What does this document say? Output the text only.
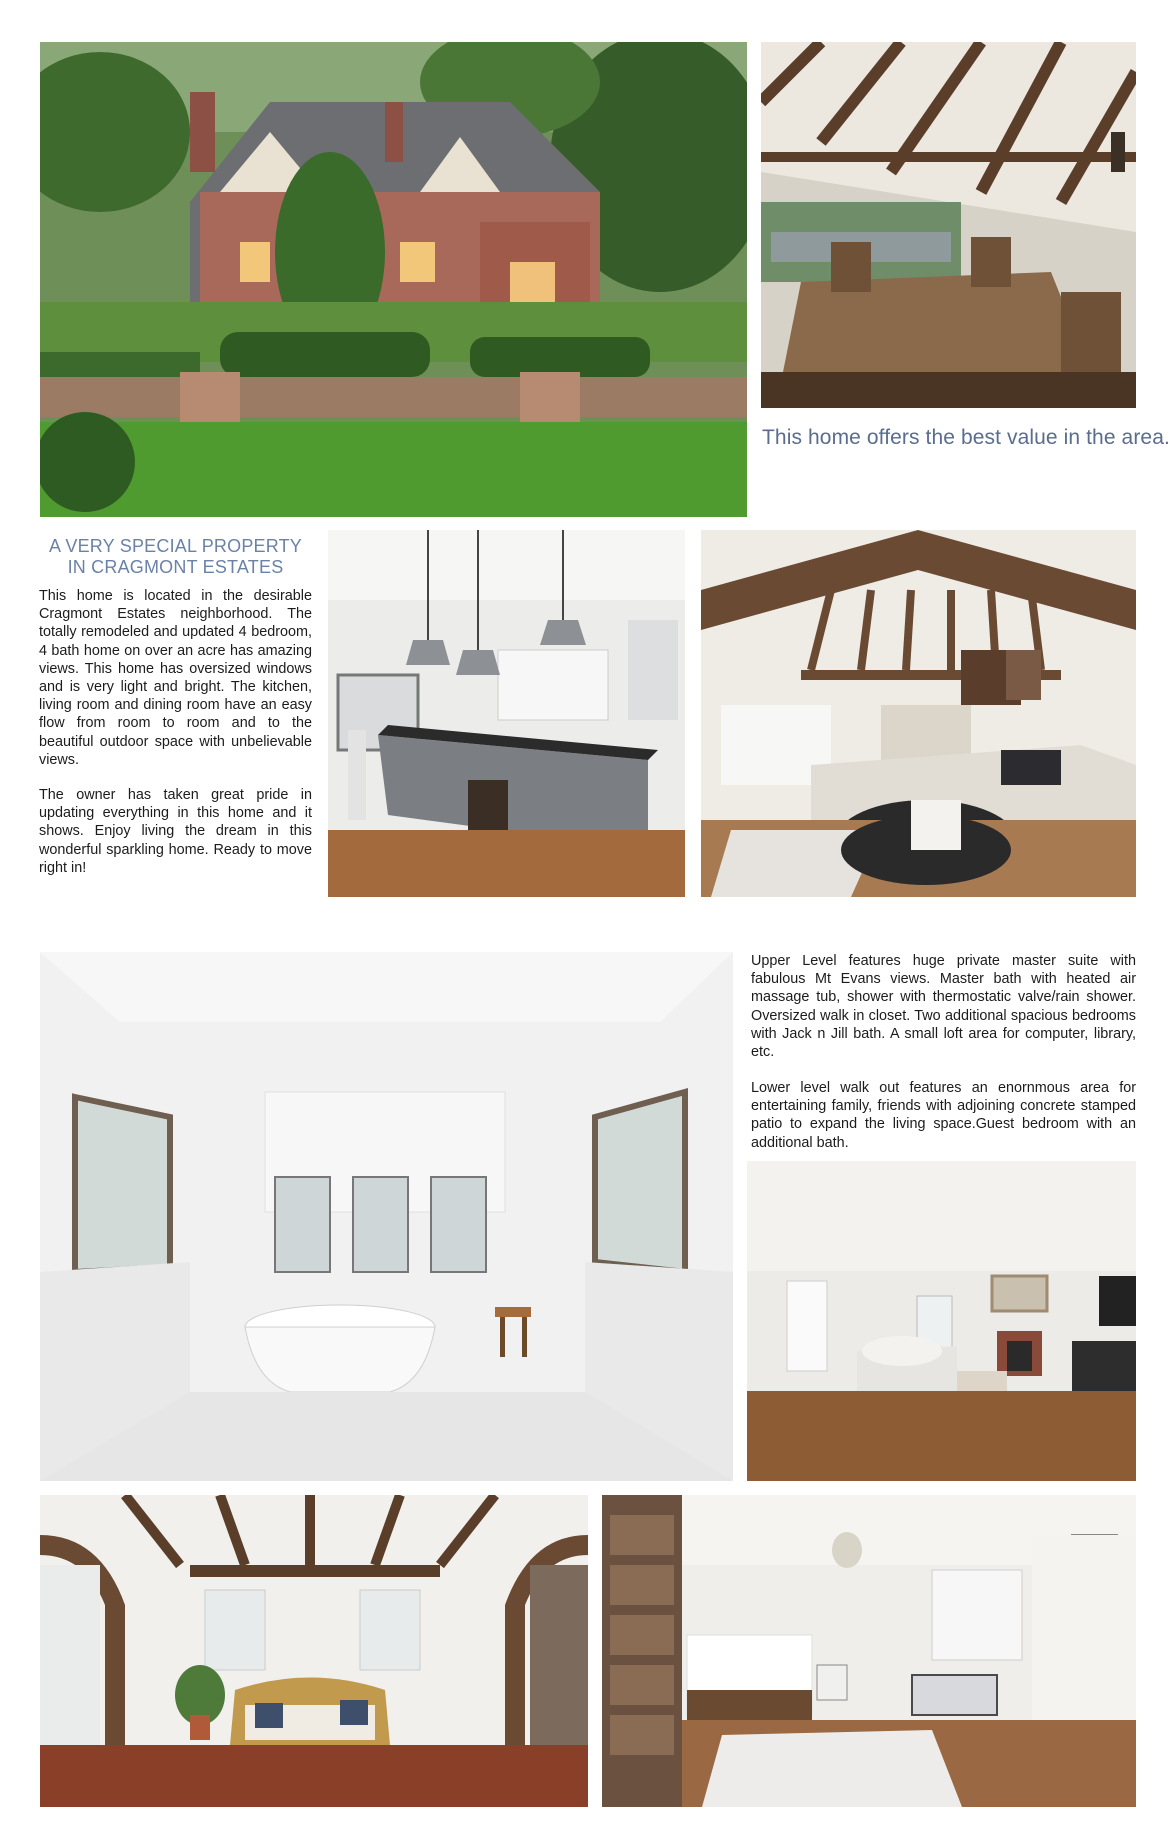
This home offers the best value in the area.

A VERY SPECIAL PROPERTY
IN CRAGMONT ESTATES

This home is located in the desirable Cragmont Estates neighborhood. The totally remodeled and updated 4 bedroom, 4 bath home on over an acre has amazing views. This home has oversized windows and is very light and bright. The kitchen, living room and dining room have an easy flow from room to room and to the beautiful outdoor space with unbelievable views.

The owner has taken great pride in updating everything in this home and it shows. Enjoy living the dream in this wonderful sparkling home. Ready to move right in!

Upper Level features huge private master suite with fabulous Mt Evans views. Master bath with heated air massage tub, shower with thermostatic valve/rain shower. Oversized walk in closet. Two additional spacious bedrooms with Jack n Jill bath. A small loft area for computer, library, etc.

Lower level walk out features an enornmous area for entertaining family, friends with adjoining concrete stamped patio to expand the living space.Guest bedroom with an additional bath.
